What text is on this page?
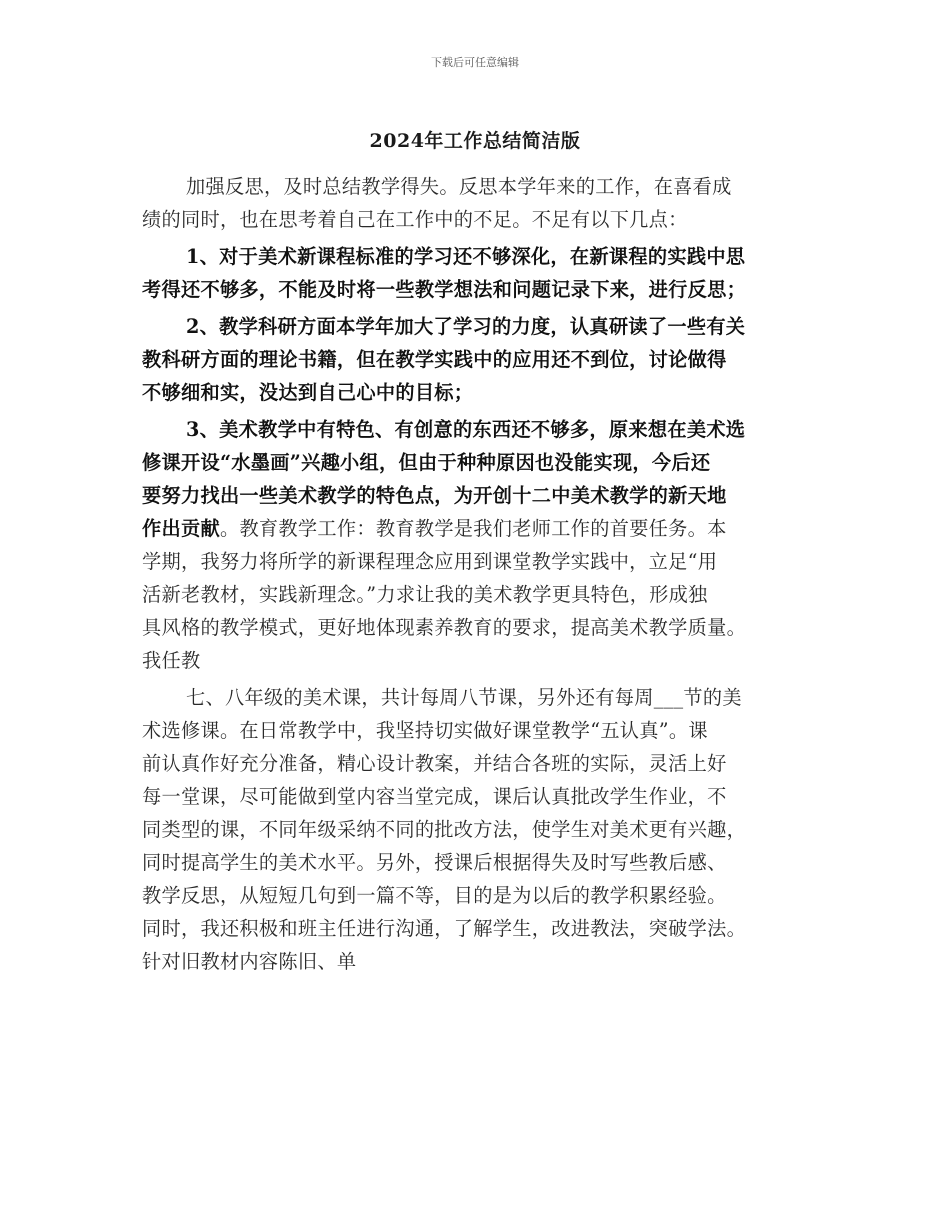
下载后可任意编辑
2024年工作总结简洁版
加强反思，及时总结教学得失。反思本学年来的工作，在喜看成
绩的同时，也在思考着自己在工作中的不足。不足有以下几点：
1、对于美术新课程标准的学习还不够深化，在新课程的实践中思
考得还不够多，不能及时将一些教学想法和问题记录下来，进行反思；
2、教学科研方面本学年加大了学习的力度，认真研读了一些有关
教科研方面的理论书籍，但在教学实践中的应用还不到位，讨论做得
不够细和实，没达到自己心中的目标；
3、美术教学中有特色、有创意的东西还不够多，原来想在美术选
修课开设“水墨画”兴趣小组，但由于种种原因也没能实现，今后还
要努力找出一些美术教学的特色点，为开创十二中美术教学的新天地
作出贡献。教育教学工作：教育教学是我们老师工作的首要任务。本
学期，我努力将所学的新课程理念应用到课堂教学实践中，立足“用
活新老教材，实践新理念。”力求让我的美术教学更具特色，形成独
具风格的教学模式，更好地体现素养教育的要求，提高美术教学质量。
我任教
七、八年级的美术课，共计每周八节课，另外还有每周___节的美
术选修课。在日常教学中，我坚持切实做好课堂教学“五认真”。课
前认真作好充分准备，精心设计教案，并结合各班的实际，灵活上好
每一堂课，尽可能做到堂内容当堂完成，课后认真批改学生作业，不
同类型的课，不同年级采纳不同的批改方法，使学生对美术更有兴趣，
同时提高学生的美术水平。另外，授课后根据得失及时写些教后感、
教学反思，从短短几句到一篇不等，目的是为以后的教学积累经验。
同时，我还积极和班主任进行沟通，了解学生，改进教法，突破学法。
针对旧教材内容陈旧、单
